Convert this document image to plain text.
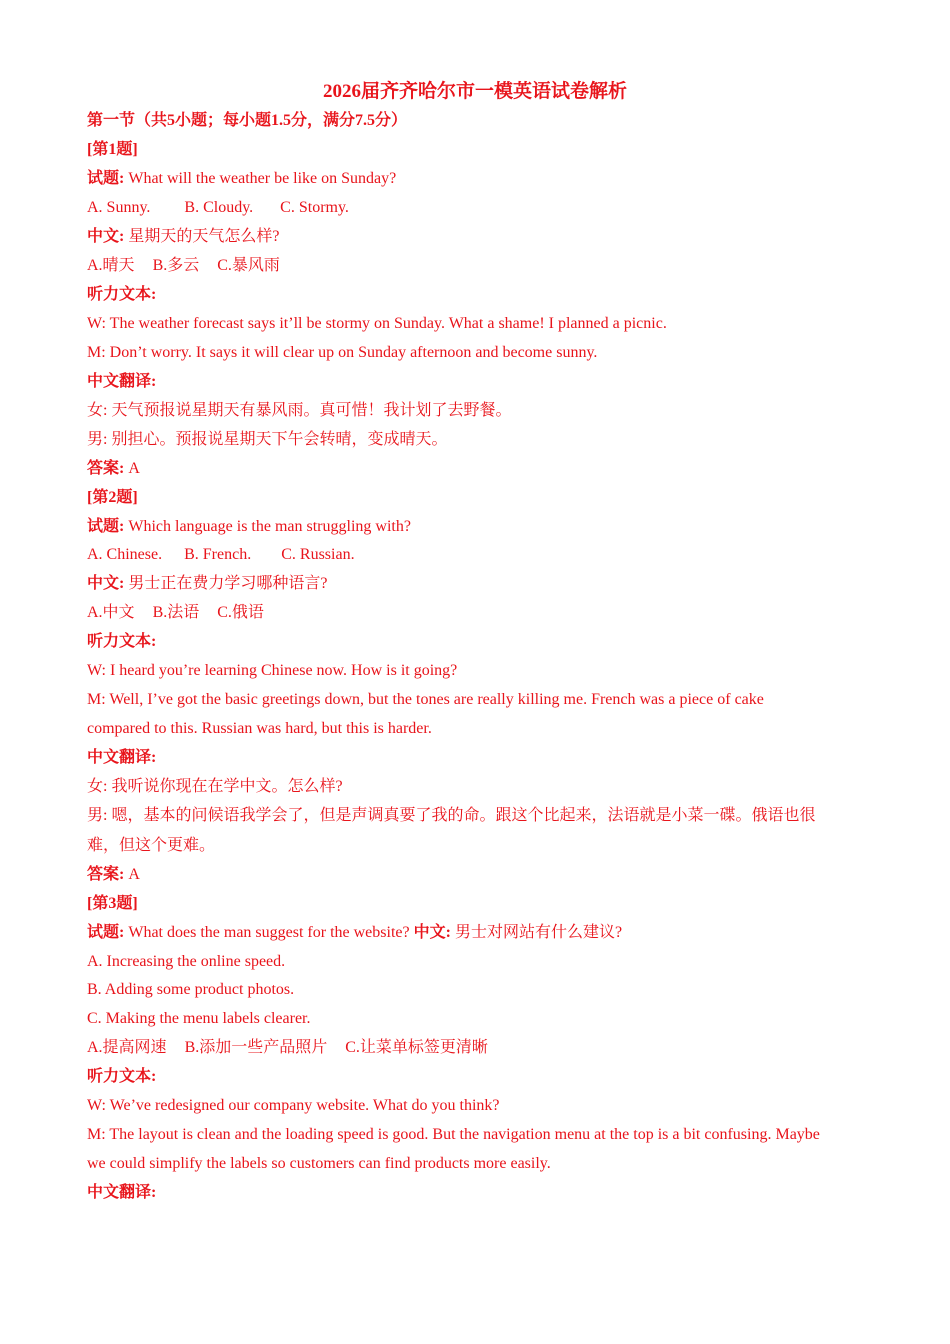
2026届齐齐哈尔市一模英语试卷解析
第一节（共5小题；每小题1.5分，满分7.5分）
[第1题]
试题: What will the weather be like on Sunday?
A. Sunny. B. Cloudy. C. Stormy.
中文: 星期天的天气怎么样?
A.晴天 B.多云 C.暴风雨
听力文本:
W: The weather forecast says it’ll be stormy on Sunday. What a shame! I planned a picnic.
M: Don’t worry. It says it will clear up on Sunday afternoon and become sunny.
中文翻译:
女: 天气预报说星期天有暴风雨。真可惜！我计划了去野餐。
男: 别担心。预报说星期天下午会转晴，变成晴天。
答案: A
[第2题]
试题: Which language is the man struggling with?
A. Chinese. B. French. C. Russian.
中文: 男士正在费力学习哪种语言?
A.中文 B.法语 C.俄语
听力文本:
W: I heard you’re learning Chinese now. How is it going?
M: Well, I’ve got the basic greetings down, but the tones are really killing me. French was a piece of cake
compared to this. Russian was hard, but this is harder.
中文翻译:
女: 我听说你现在在学中文。怎么样?
男: 嗯，基本的问候语我学会了，但是声调真要了我的命。跟这个比起来，法语就是小菜一碟。俄语也很
难，但这个更难。
答案: A
[第3题]
试题: What does the man suggest for the website? 中文: 男士对网站有什么建议?
A. Increasing the online speed.
B. Adding some product photos.
C. Making the menu labels clearer.
A.提高网速 B.添加一些产品照片 C.让菜单标签更清晰
听力文本:
W: We’ve redesigned our company website. What do you think?
M: The layout is clean and the loading speed is good. But the navigation menu at the top is a bit confusing. Maybe
we could simplify the labels so customers can find products more easily.
中文翻译:
